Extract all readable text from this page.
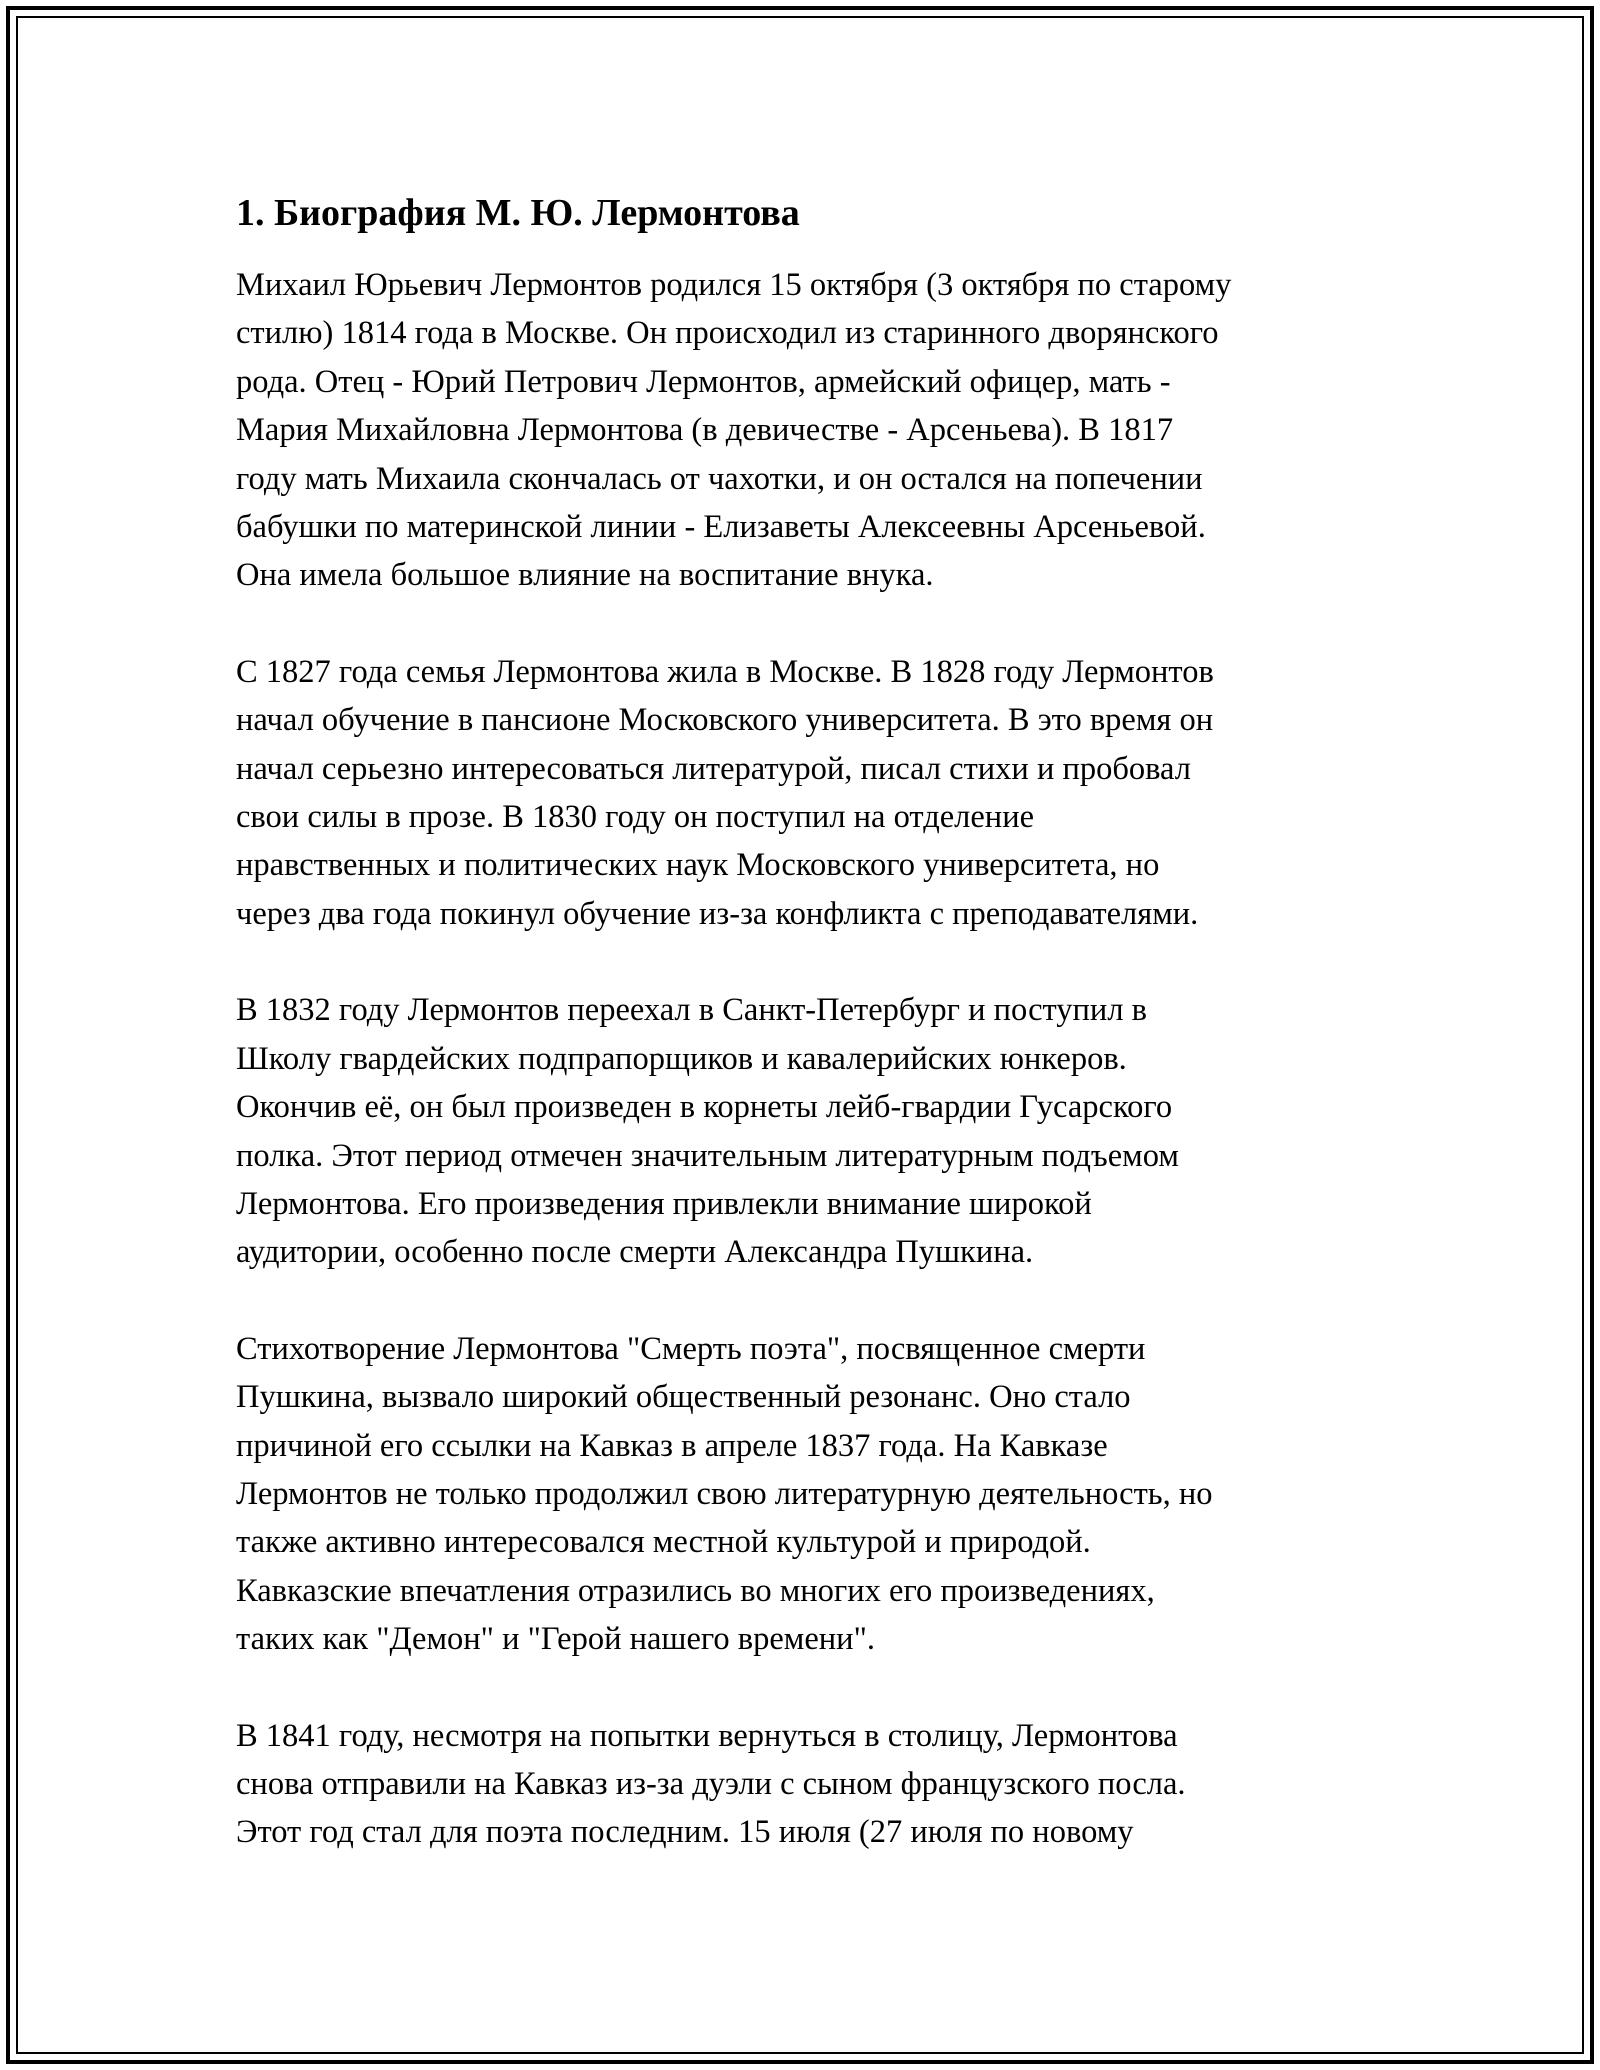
1. Биография М. Ю. Лермонтова
Михаил Юрьевич Лермонтов родился 15 октября (3 октября по старому
стилю) 1814 года в Москве. Он происходил из старинного дворянского
рода. Отец - Юрий Петрович Лермонтов, армейский офицер, мать -
Мария Михайловна Лермонтова (в девичестве - Арсеньева). В 1817
году мать Михаила скончалась от чахотки, и он остался на попечении
бабушки по материнской линии - Елизаветы Алексеевны Арсеньевой.
Она имела большое влияние на воспитание внука.
С 1827 года семья Лермонтова жила в Москве. В 1828 году Лермонтов
начал обучение в пансионе Московского университета. В это время он
начал серьезно интересоваться литературой, писал стихи и пробовал
свои силы в прозе. В 1830 году он поступил на отделение
нравственных и политических наук Московского университета, но
через два года покинул обучение из-за конфликта с преподавателями.
В 1832 году Лермонтов переехал в Санкт-Петербург и поступил в
Школу гвардейских подпрапорщиков и кавалерийских юнкеров.
Окончив её, он был произведен в корнеты лейб-гвардии Гусарского
полка. Этот период отмечен значительным литературным подъемом
Лермонтова. Его произведения привлекли внимание широкой
аудитории, особенно после смерти Александра Пушкина.
Стихотворение Лермонтова "Смерть поэта", посвященное смерти
Пушкина, вызвало широкий общественный резонанс. Оно стало
причиной его ссылки на Кавказ в апреле 1837 года. На Кавказе
Лермонтов не только продолжил свою литературную деятельность, но
также активно интересовался местной культурой и природой.
Кавказские впечатления отразились во многих его произведениях,
таких как "Демон" и "Герой нашего времени".
В 1841 году, несмотря на попытки вернуться в столицу, Лермонтова
снова отправили на Кавказ из-за дуэли с сыном французского посла.
Этот год стал для поэта последним. 15 июля (27 июля по новому
